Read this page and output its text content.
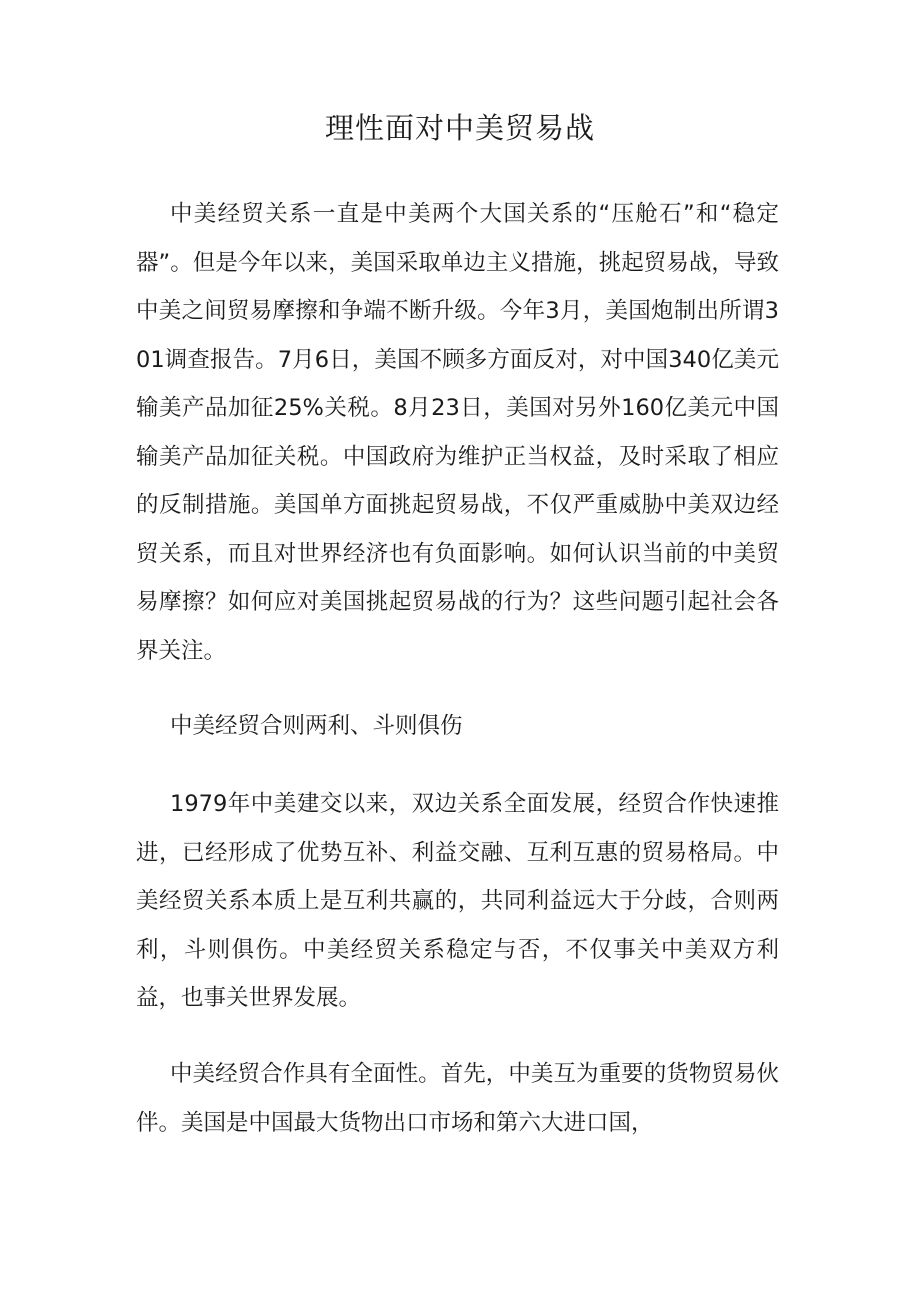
理性面对中美贸易战

中美经贸关系一直是中美两个大国关系的“压舱石”和“稳定器”。但是今年以来，美国采取单边主义措施，挑起贸易战，导致中美之间贸易摩擦和争端不断升级。今年3月，美国炮制出所谓301调查报告。7月6日，美国不顾多方面反对，对中国340亿美元输美产品加征25%关税。8月23日，美国对另外160亿美元中国输美产品加征关税。中国政府为维护正当权益，及时采取了相应的反制措施。美国单方面挑起贸易战，不仅严重威胁中美双边经贸关系，而且对世界经济也有负面影响。如何认识当前的中美贸易摩擦？如何应对美国挑起贸易战的行为？这些问题引起社会各界关注。

中美经贸合则两利、斗则俱伤

1979年中美建交以来，双边关系全面发展，经贸合作快速推进，已经形成了优势互补、利益交融、互利互惠的贸易格局。中美经贸关系本质上是互利共赢的，共同利益远大于分歧，合则两利，斗则俱伤。中美经贸关系稳定与否，不仅事关中美双方利益，也事关世界发展。

中美经贸合作具有全面性。首先，中美互为重要的货物贸易伙伴。美国是中国最大货物出口市场和第六大进口国，
